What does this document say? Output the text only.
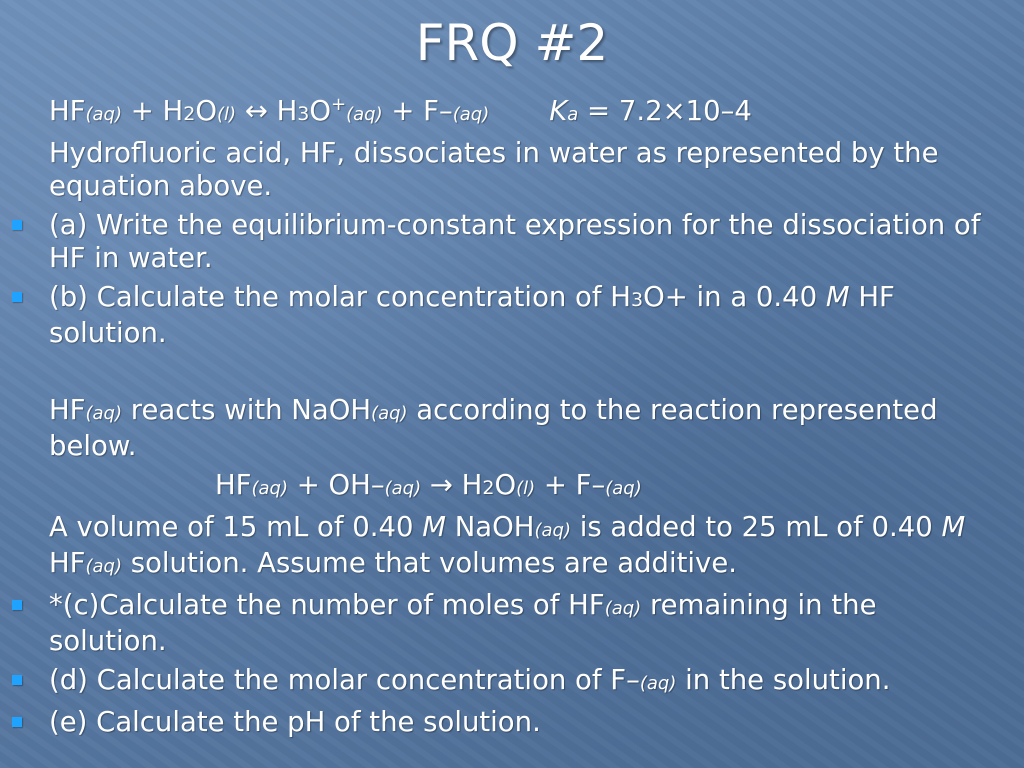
FRQ #2
HF(aq) + H2O(l) ↔ H3O+(aq) + F–(aq) Ka = 7.2×10–4
Hydrofluoric acid, HF, dissociates in water as represented by the equation above.
(a) Write the equilibrium-constant expression for the dissociation of HF in water.
(b) Calculate the molar concentration of H3O+ in a 0.40 M HF solution.
HF(aq) reacts with NaOH(aq) according to the reaction represented below.
HF(aq) + OH–(aq) → H2O(l) + F–(aq)
A volume of 15 mL of 0.40 M NaOH(aq) is added to 25 mL of 0.40 M HF(aq) solution. Assume that volumes are additive.
*(c)Calculate the number of moles of HF(aq) remaining in the solution.
(d) Calculate the molar concentration of F–(aq) in the solution.
(e) Calculate the pH of the solution.
